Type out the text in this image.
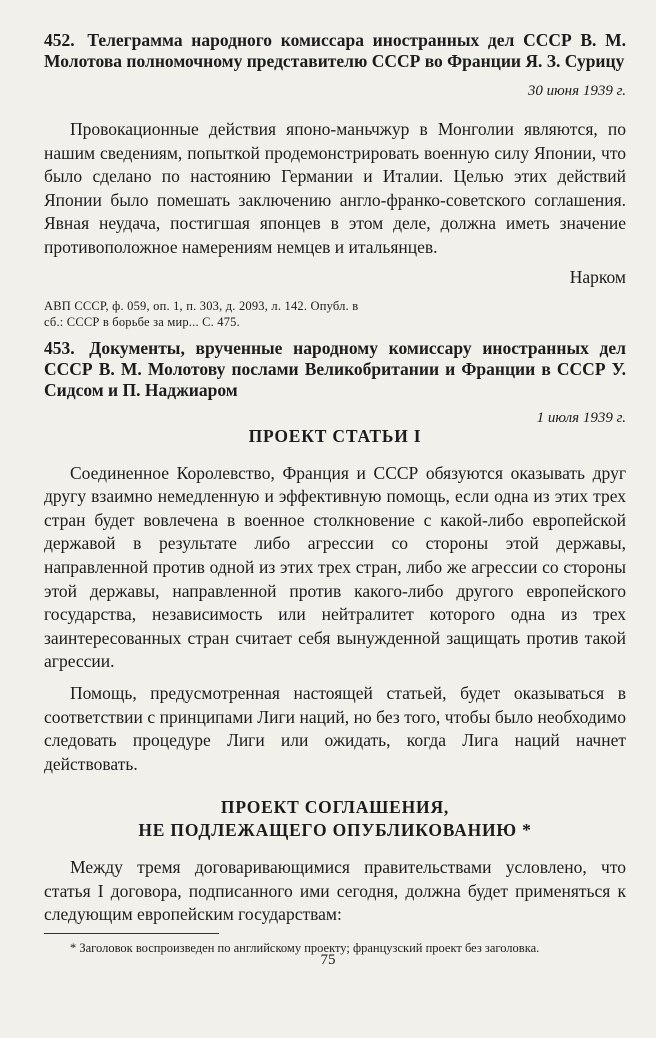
452. Телеграмма народного комиссара иностранных дел СССР В. М. Молотова полномочному представителю СССР во Франции Я. З. Сурицу

30 июня 1939 г.

Провокационные действия японо-маньчжур в Монголии являются, по нашим сведениям, попыткой продемонстрировать военную силу Японии, что было сделано по настоянию Германии и Италии. Целью этих действий Японии было помешать заключению англо-франко-советского соглашения. Явная неудача, постигшая японцев в этом деле, должна иметь значение противоположное намерениям немцев и итальянцев.

Нарком

АВП СССР, ф. 059, оп. 1, п. 303, д. 2093, л. 142. Опубл. в сб.: СССР в борьбе за мир... С. 475.

453. Документы, врученные народному комиссару иностранных дел СССР В. М. Молотову послами Великобритании и Франции в СССР У. Сидсом и П. Наджиаром

1 июля 1939 г.

ПРОЕКТ СТАТЬИ I

Соединенное Королевство, Франция и СССР обязуются оказывать друг другу взаимно немедленную и эффективную помощь, если одна из этих трех стран будет вовлечена в военное столкновение с какой-либо европейской державой в результате либо агрессии со стороны этой державы, направленной против одной из этих трех стран, либо же агрессии со стороны этой державы, направленной против какого-либо другого европейского государства, независимость или нейтралитет которого одна из трех заинтересованных стран считает себя вынужденной защищать против такой агрессии.

Помощь, предусмотренная настоящей статьей, будет оказываться в соответствии с принципами Лиги наций, но без того, чтобы было необходимо следовать процедуре Лиги или ожидать, когда Лига наций начнет действовать.

ПРОЕКТ СОГЛАШЕНИЯ,
НЕ ПОДЛЕЖАЩЕГО ОПУБЛИКОВАНИЮ *

Между тремя договаривающимися правительствами условлено, что статья I договора, подписанного ими сегодня, должна будет применяться к следующим европейским государствам:

* Заголовок воспроизведен по английскому проекту; французский проект без заголовка.

75
